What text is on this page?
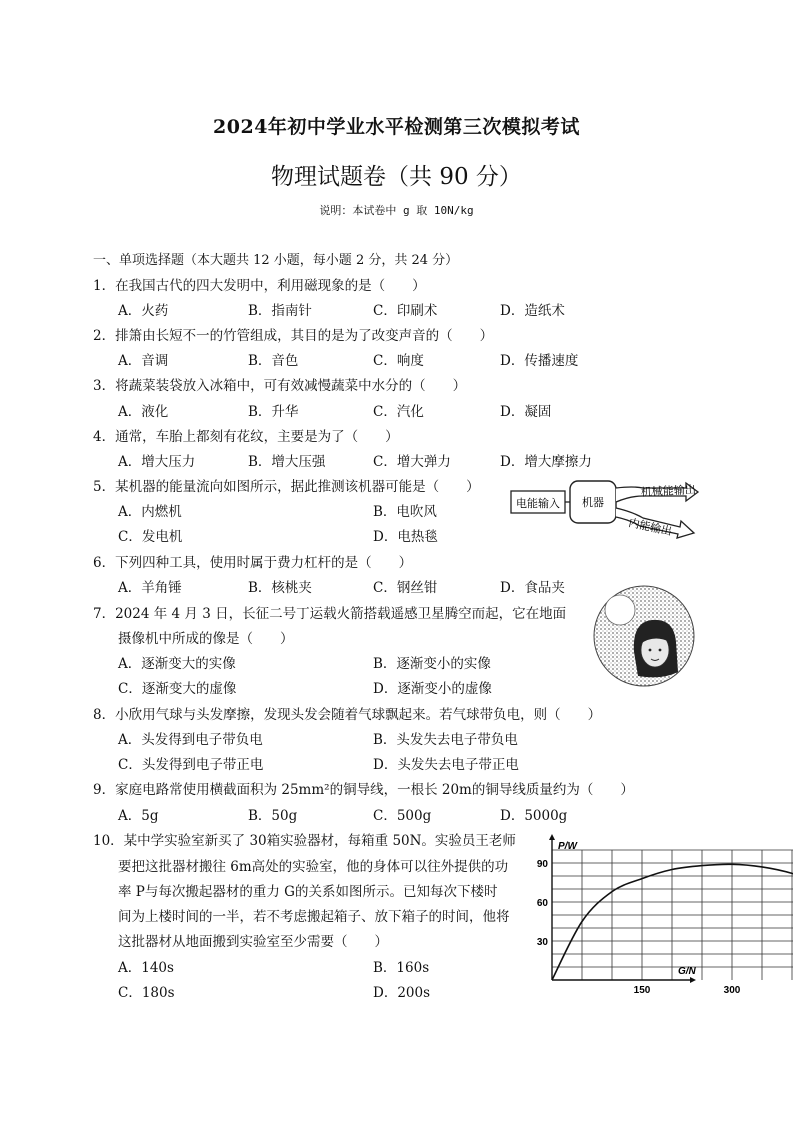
2024年初中学业水平检测第三次模拟考试
物理试题卷（共 90 分）
说明：本试卷中 g 取 10N/kg
一、单项选择题（本大题共 12 小题，每小题 2 分，共 24 分）
1．在我国古代的四大发明中，利用磁现象的是（　　）
A．火药	B．指南针	C．印刷术	D．造纸术
2．排箫由长短不一的竹管组成，其目的是为了改变声音的（　　）
A．音调	B．音色	C．响度	D．传播速度
3．将蔬菜装袋放入冰箱中，可有效减慢蔬菜中水分的（　　）
A．液化	B．升华	C．汽化	D．凝固
4．通常，车胎上都刻有花纹，主要是为了（　　）
A．增大压力	B．增大压强	C．增大弹力	D．增大摩擦力
5．某机器的能量流向如图所示，据此推测该机器可能是（　　）
A．内燃机	B．电吹风
C．发电机	D．电热毯
电能输入 机器
机械能输出
内能输出
6．下列四种工具，使用时属于费力杠杆的是（　　）
A．羊角锤	B．核桃夹	C．钢丝钳	D．食品夹
7．2024 年 4 月 3 日，长征二号丁运载火箭搭载遥感卫星腾空而起，它在地面
摄像机中所成的像是（　　）
A．逐渐变大的实像	B．逐渐变小的实像
C．逐渐变大的虚像	D．逐渐变小的虚像
8．小欣用气球与头发摩擦，发现头发会随着气球飘起来。若气球带负电，则（　　）
A．头发得到电子带负电	B．头发失去电子带负电
C．头发得到电子带正电	D．头发失去电子带正电
9．家庭电路常使用横截面积为 25mm²的铜导线，一根长 20m的铜导线质量约为（　　）
A．5g	B．50g	C．500g	D．5000g
10．某中学实验室新买了 30箱实验器材，每箱重 50N。实验员王老师
要把这批器材搬往 6m高处的实验室，他的身体可以往外提供的功
率 P与每次搬起器材的重力 G的关系如图所示。已知每次下楼时
间为上楼时间的一半，若不考虑搬起箱子、放下箱子的时间，他将
这批器材从地面搬到实验室至少需要（　　）
A．140s	B．160s
C．180s	D．200s
P/W
G/N
150	300
30
60
90
